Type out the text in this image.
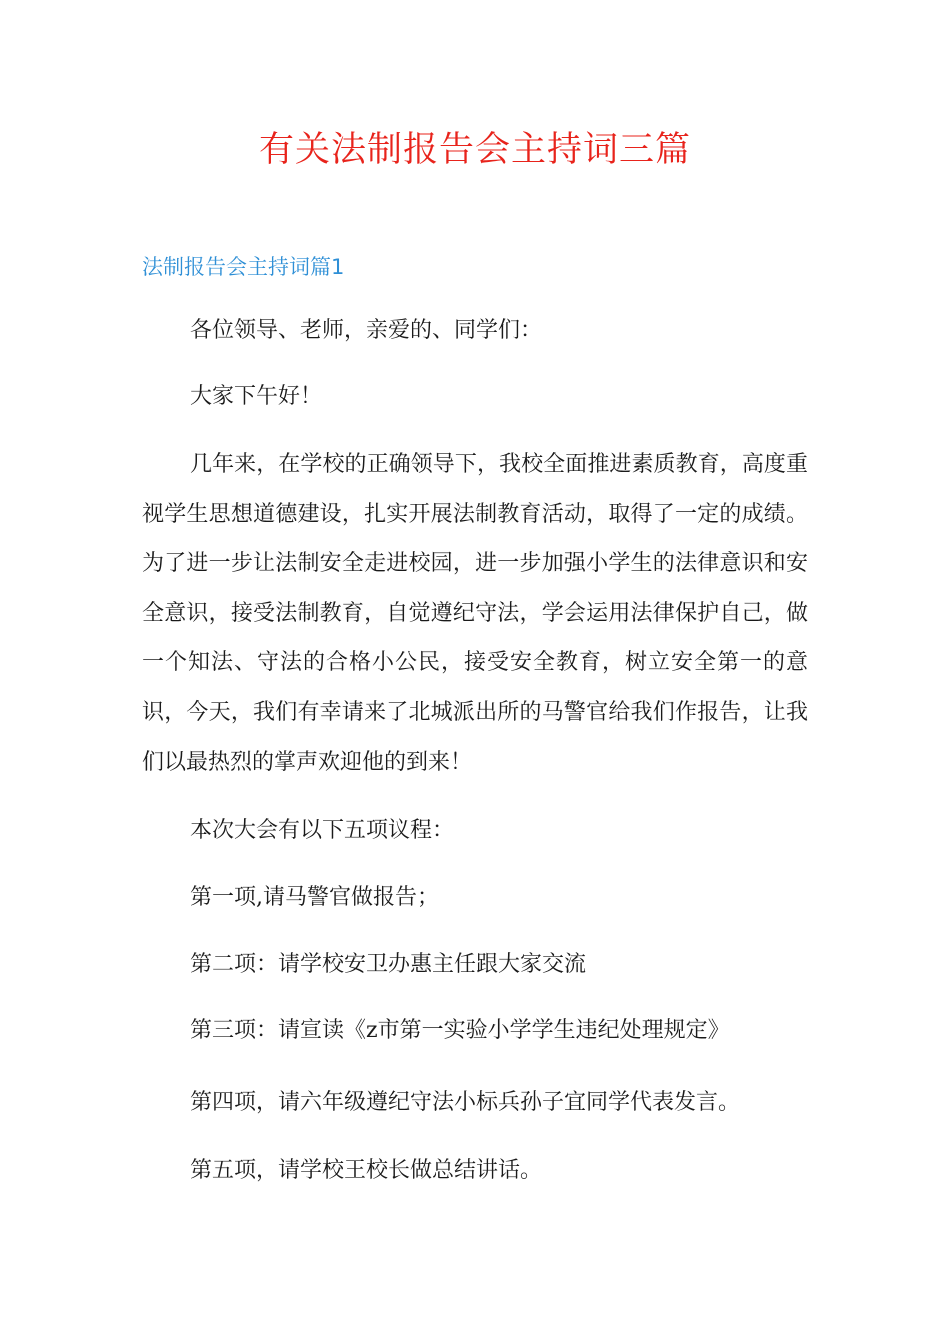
有关法制报告会主持词三篇
法制报告会主持词篇1

各位领导、老师，亲爱的、同学们：

大家下午好！

几年来，在学校的正确领导下，我校全面推进素质教育，高度重视学生思想道德建设，扎实开展法制教育活动，取得了一定的成绩。为了进一步让法制安全走进校园，进一步加强小学生的法律意识和安全意识，接受法制教育，自觉遵纪守法，学会运用法律保护自己，做一个知法、守法的合格小公民，接受安全教育，树立安全第一的意识，今天，我们有幸请来了北城派出所的马警官给我们作报告，让我们以最热烈的掌声欢迎他的到来！

本次大会有以下五项议程：

第一项,请马警官做报告；

第二项：请学校安卫办惠主任跟大家交流

第三项：请宣读《z市第一实验小学学生违纪处理规定》

第四项，请六年级遵纪守法小标兵孙子宜同学代表发言。

第五项，请学校王校长做总结讲话。
